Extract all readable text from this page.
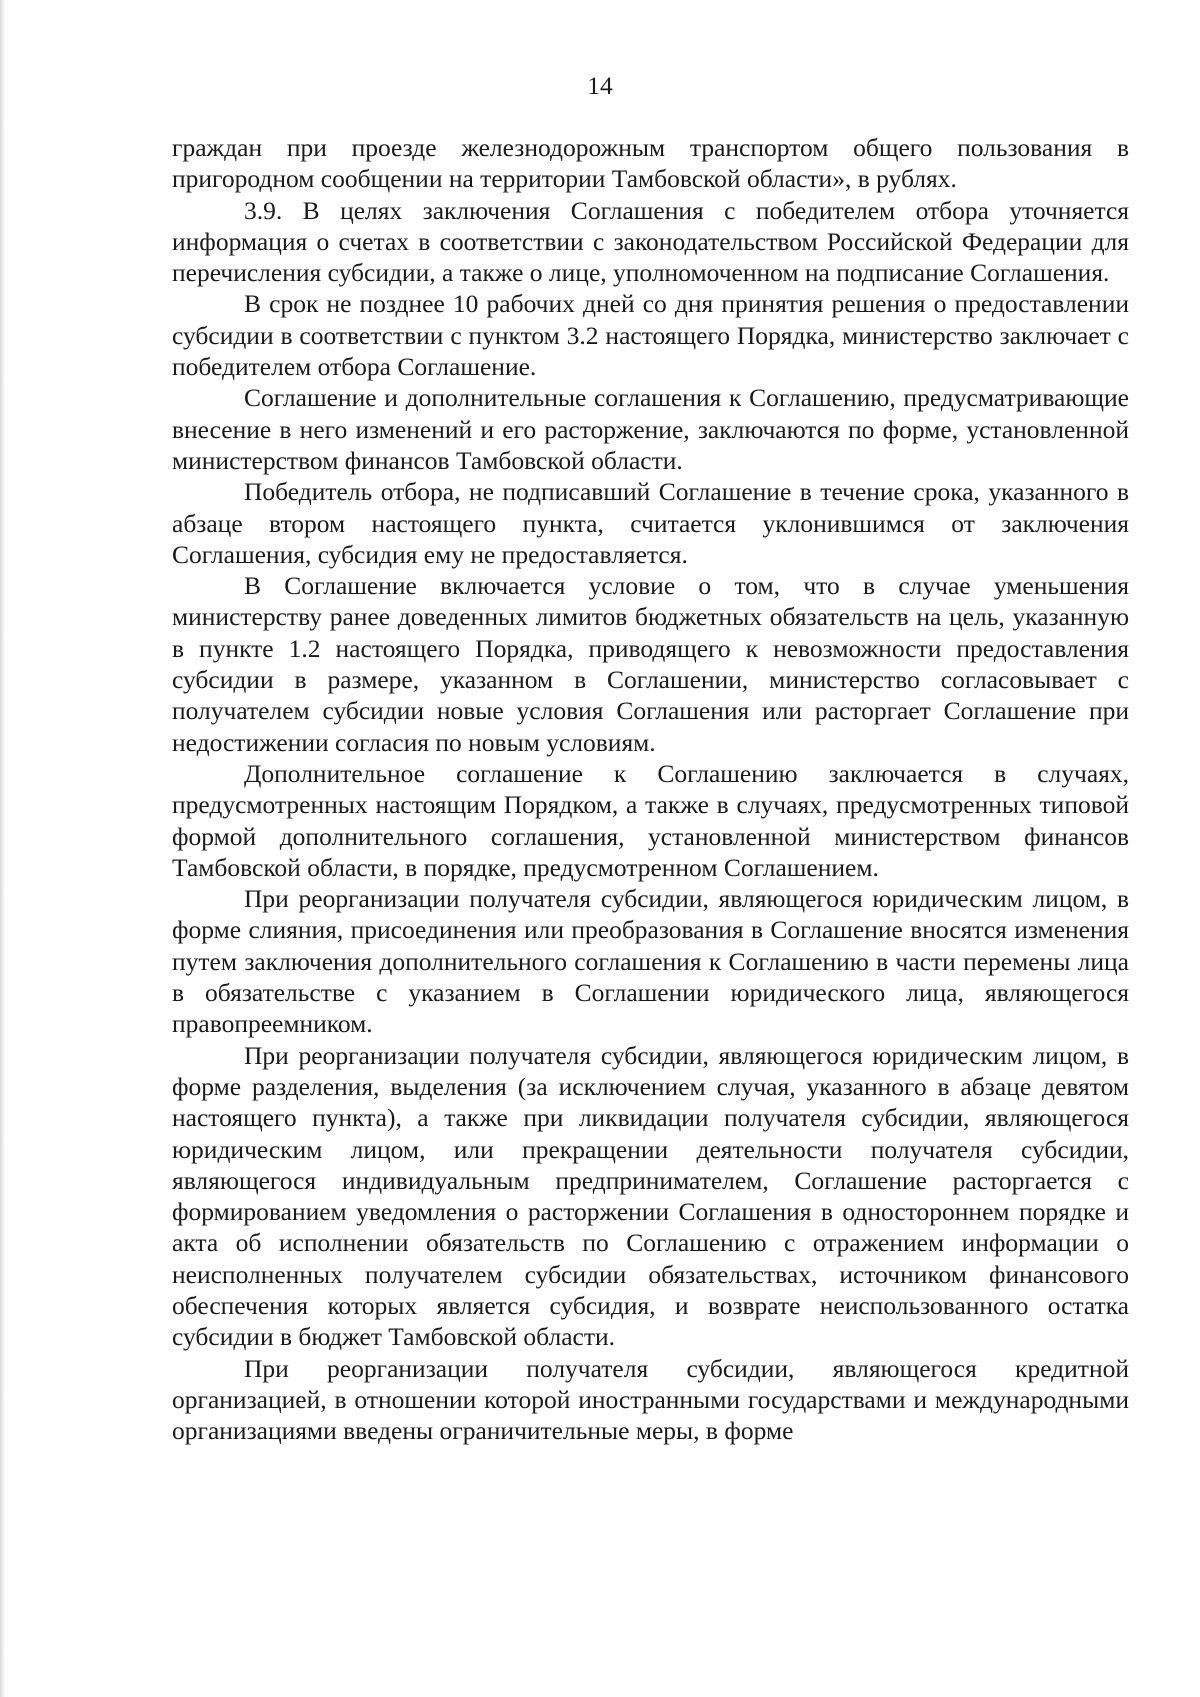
14

граждан при проезде железнодорожным транспортом общего пользования в пригородном сообщении на территории Тамбовской области», в рублях.

3.9. В целях заключения Соглашения с победителем отбора уточняется информация о счетах в соответствии с законодательством Российской Федерации для перечисления субсидии, а также о лице, уполномоченном на подписание Соглашения.

В срок не позднее 10 рабочих дней со дня принятия решения о предоставлении субсидии в соответствии с пунктом 3.2 настоящего Порядка, министерство заключает с победителем отбора Соглашение.

Соглашение и дополнительные соглашения к Соглашению, предусматривающие внесение в него изменений и его расторжение, заключаются по форме, установленной министерством финансов Тамбовской области.

Победитель отбора, не подписавший Соглашение в течение срока, указанного в абзаце втором настоящего пункта, считается уклонившимся от заключения Соглашения, субсидия ему не предоставляется.

В Соглашение включается условие о том, что в случае уменьшения министерству ранее доведенных лимитов бюджетных обязательств на цель, указанную в пункте 1.2 настоящего Порядка, приводящего к невозможности предоставления субсидии в размере, указанном в Соглашении, министерство согласовывает с получателем субсидии новые условия Соглашения или расторгает Соглашение при недостижении согласия по новым условиям.

Дополнительное соглашение к Соглашению заключается в случаях, предусмотренных настоящим Порядком, а также в случаях, предусмотренных типовой формой дополнительного соглашения, установленной министерством финансов Тамбовской области, в порядке, предусмотренном Соглашением.

При реорганизации получателя субсидии, являющегося юридическим лицом, в форме слияния, присоединения или преобразования в Соглашение вносятся изменения путем заключения дополнительного соглашения к Соглашению в части перемены лица в обязательстве с указанием в Соглашении юридического лица, являющегося правопреемником.

При реорганизации получателя субсидии, являющегося юридическим лицом, в форме разделения, выделения (за исключением случая, указанного в абзаце девятом настоящего пункта), а также при ликвидации получателя субсидии, являющегося юридическим лицом, или прекращении деятельности получателя субсидии, являющегося индивидуальным предпринимателем, Соглашение расторгается с формированием уведомления о расторжении Соглашения в одностороннем порядке и акта об исполнении обязательств по Соглашению с отражением информации о неисполненных получателем субсидии обязательствах, источником финансового обеспечения которых является субсидия, и возврате неиспользованного остатка субсидии в бюджет Тамбовской области.

При реорганизации получателя субсидии, являющегося кредитной организацией, в отношении которой иностранными государствами и международными организациями введены ограничительные меры, в форме
